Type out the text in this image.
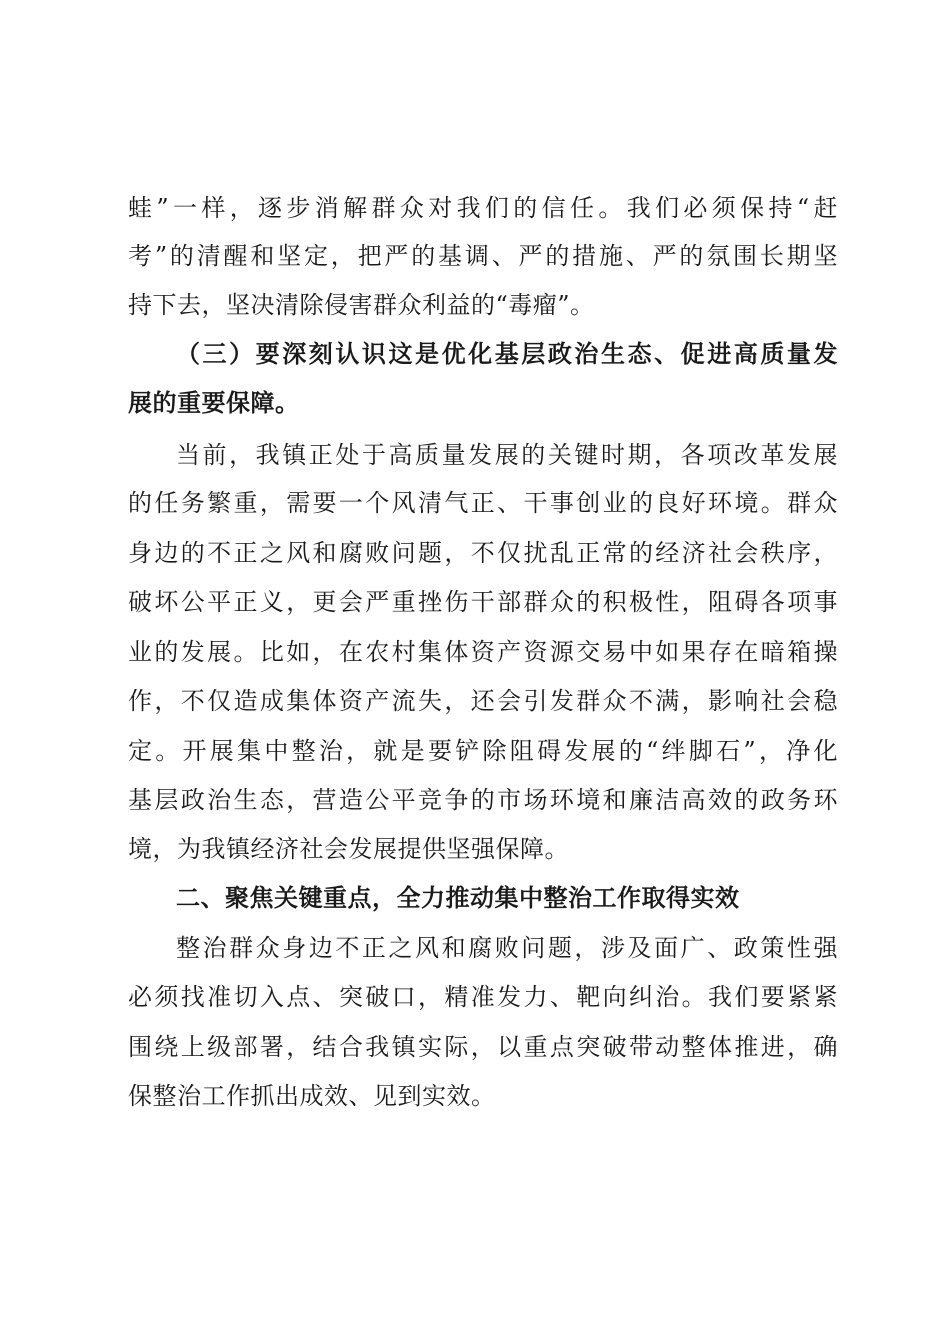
蛙”一样，逐步消解群众对我们的信任。我们必须保持“赶
考”的清醒和坚定，把严的基调、严的措施、严的氛围长期坚
持下去，坚决清除侵害群众利益的“毒瘤”。
（三）要深刻认识这是优化基层政治生态、促进高质量发
展的重要保障。
当前，我镇正处于高质量发展的关键时期，各项改革发展
的任务繁重，需要一个风清气正、干事创业的良好环境。群众
身边的不正之风和腐败问题，不仅扰乱正常的经济社会秩序，
破坏公平正义，更会严重挫伤干部群众的积极性，阻碍各项事
业的发展。比如，在农村集体资产资源交易中如果存在暗箱操
作，不仅造成集体资产流失，还会引发群众不满，影响社会稳
定。开展集中整治，就是要铲除阻碍发展的“绊脚石”，净化
基层政治生态，营造公平竞争的市场环境和廉洁高效的政务环
境，为我镇经济社会发展提供坚强保障。
二、聚焦关键重点，全力推动集中整治工作取得实效
整治群众身边不正之风和腐败问题，涉及面广、政策性强
必须找准切入点、突破口，精准发力、靶向纠治。我们要紧紧
围绕上级部署，结合我镇实际，以重点突破带动整体推进，确
保整治工作抓出成效、见到实效。
